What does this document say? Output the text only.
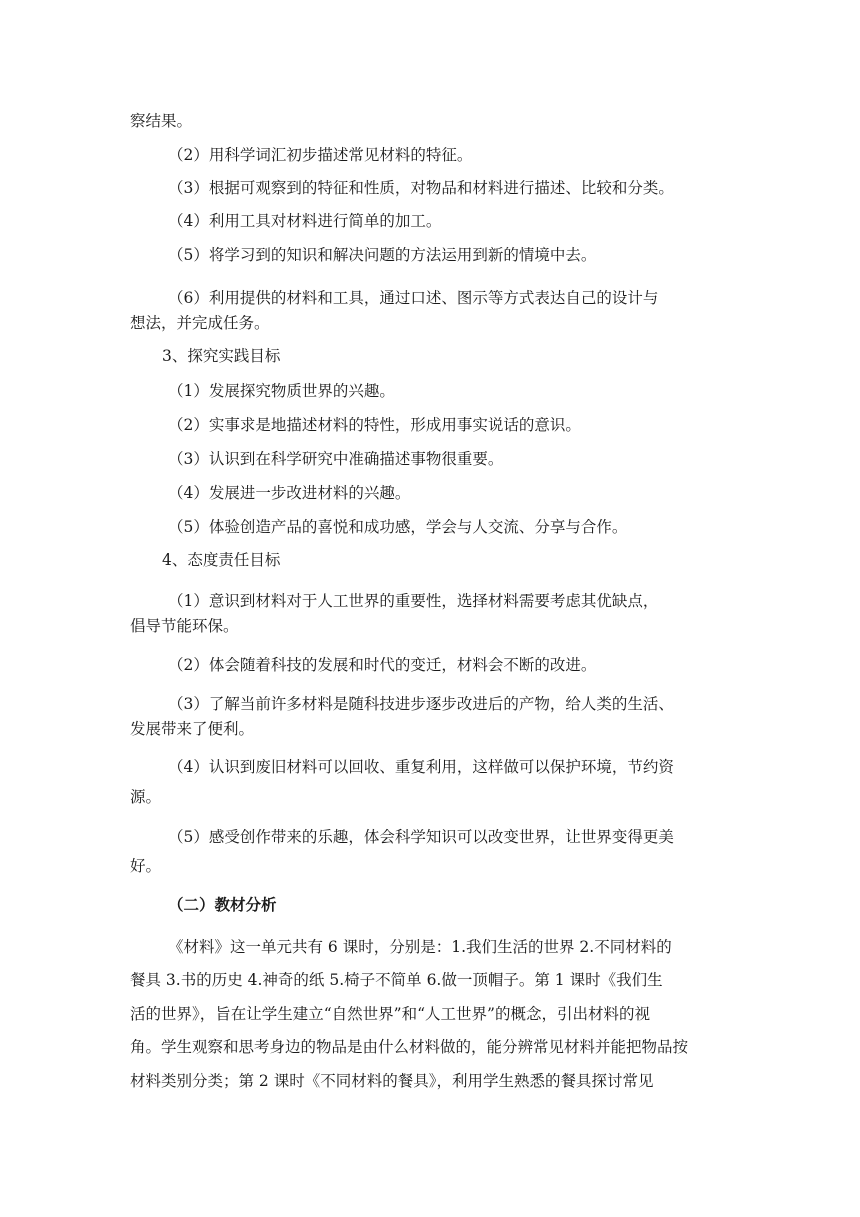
察结果。
（2）用科学词汇初步描述常见材料的特征。
（3）根据可观察到的特征和性质，对物品和材料进行描述、比较和分类。
（4）利用工具对材料进行简单的加工。
（5）将学习到的知识和解决问题的方法运用到新的情境中去。
（6）利用提供的材料和工具，通过口述、图示等方式表达自己的设计与
想法，并完成任务。
3、探究实践目标
（1）发展探究物质世界的兴趣。
（2）实事求是地描述材料的特性，形成用事实说话的意识。
（3）认识到在科学研究中准确描述事物很重要。
（4）发展进一步改进材料的兴趣。
（5）体验创造产品的喜悦和成功感，学会与人交流、分享与合作。
4、态度责任目标
（1）意识到材料对于人工世界的重要性，选择材料需要考虑其优缺点，
倡导节能环保。
（2）体会随着科技的发展和时代的变迁，材料会不断的改进。
（3）了解当前许多材料是随科技进步逐步改进后的产物，给人类的生活、
发展带来了便利。
（4）认识到废旧材料可以回收、重复利用，这样做可以保护环境，节约资
源。
（5）感受创作带来的乐趣，体会科学知识可以改变世界，让世界变得更美
好。
（二）教材分析
《材料》这一单元共有 6 课时，分别是：1.我们生活的世界 2.不同材料的
餐具 3.书的历史 4.神奇的纸 5.椅子不简单 6.做一顶帽子。第 1 课时《我们生
活的世界》，旨在让学生建立“自然世界”和“人工世界”的概念，引出材料的视
角。学生观察和思考身边的物品是由什么材料做的，能分辨常见材料并能把物品按
材料类别分类；第 2 课时《不同材料的餐具》，利用学生熟悉的餐具探讨常见
